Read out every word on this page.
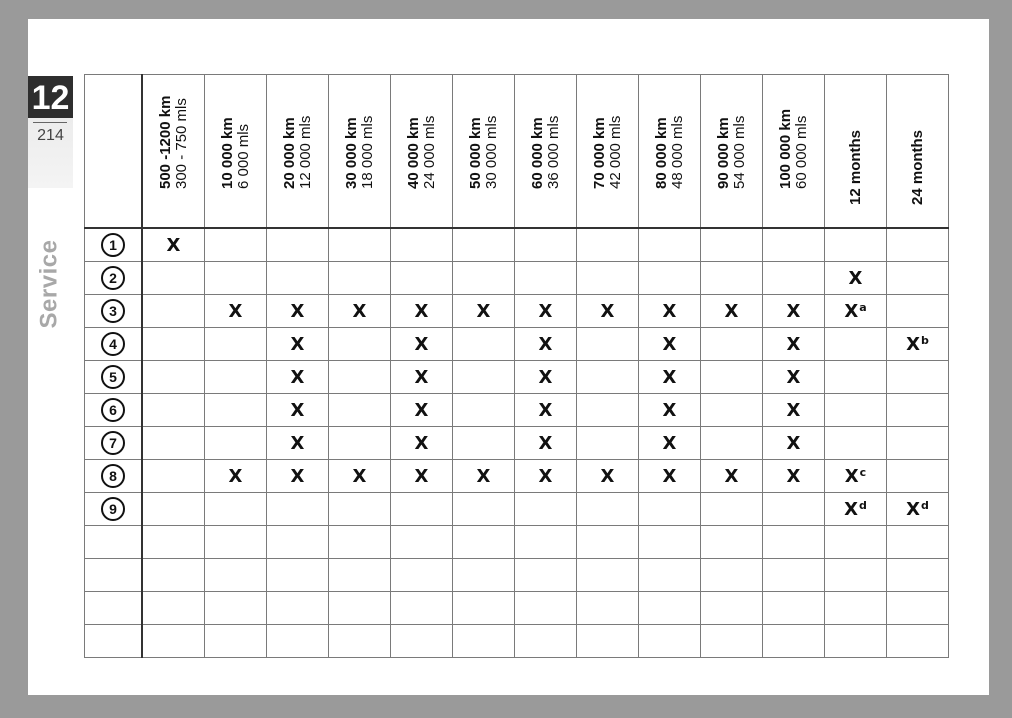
12
214
Service

	500 -1200 km 300 - 750 mls	10 000 km 6 000 mls	20 000 km 12 000 mls	30 000 km 18 000 mls	40 000 km 24 000 mls	50 000 km 30 000 mls	60 000 km 36 000 mls	70 000 km 42 000 mls	80 000 km 48 000 mls	90 000 km 54 000 mls	100 000 km 60 000 mls	12 months	24 months

1	X												
2												X	
3		X	X	X	X	X	X	X	X	X	X	$X^a$	
4			X		X		X		X		X		$X^b$
5			X		X		X		X		X		
6			X		X		X		X		X		
7			X		X		X		X		X		
8		X	X	X	X	X	X	X	X	X	X	$X^c$	
9												$X^d$	$X^d$
